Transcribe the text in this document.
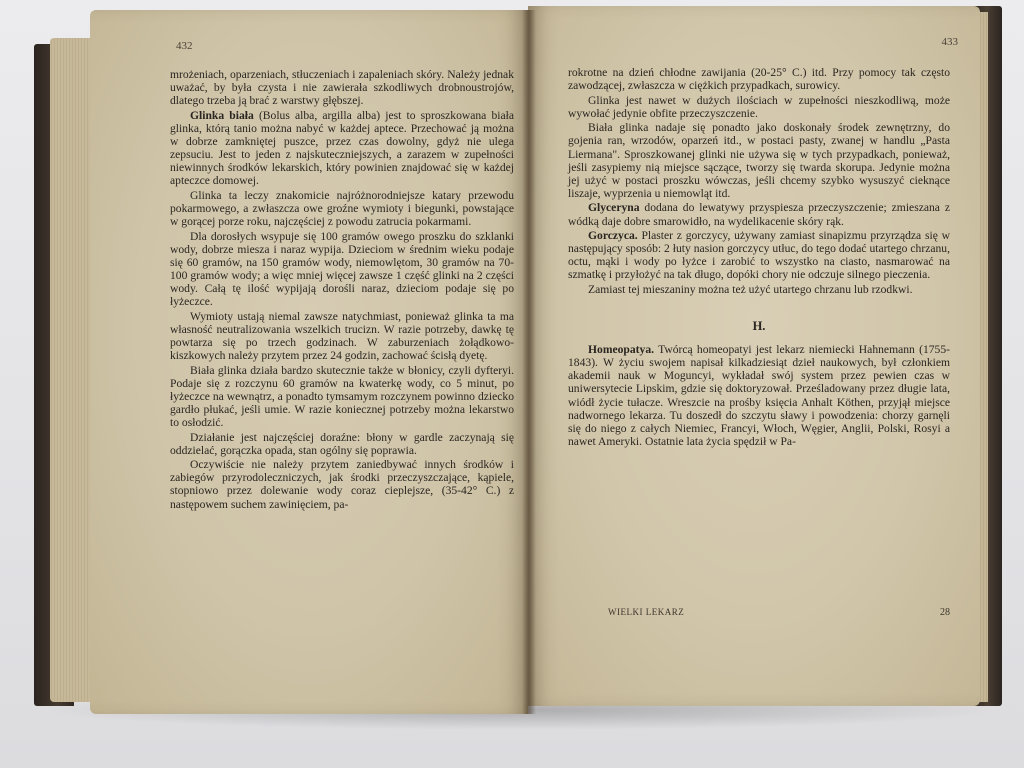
432

mrożeniach, oparzeniach, stłuczeniach i zapaleniach skóry. Należy jednak uważać, by była czysta i nie zawierała szkodliwych drobnoustrojów, dlatego trzeba ją brać z warstwy głębszej.

Glinka biała (Bolus alba, argilla alba) jest to sproszkowana biała glinka, którą tanio można nabyć w każdej aptece. Przechować ją można w dobrze zamkniętej puszce, przez czas dowolny, gdyż nie ulega zepsuciu. Jest to jeden z najskuteczniejszych, a zarazem w zupełności niewinnych środków lekarskich, który powinien znajdować się w każdej apteczce domowej.

Glinka ta leczy znakomicie najróżnorodniejsze katary przewodu pokarmowego, a zwłaszcza owe groźne wymioty i biegunki, powstające w gorącej porze roku, najczęściej z powodu zatrucia pokarmami.

Dla dorosłych wsypuje się 100 gramów owego proszku do szklanki wody, dobrze miesza i naraz wypija. Dzieciom w średnim wieku podaje się 60 gramów, na 150 gramów wody, niemowlętom, 30 gramów na 70-100 gramów wody; a więc mniej więcej zawsze 1 część glinki na 2 części wody. Całą tę ilość wypijają dorośli naraz, dzieciom podaje się po łyżeczce.

Wymioty ustają niemal zawsze natychmiast, ponieważ glinka ta ma własność neutralizowania wszelkich trucizn. W razie potrzeby, dawkę tę powtarza się po trzech godzinach. W zaburzeniach żołądkowo-kiszkowych należy przytem przez 24 godzin, zachować ścisłą dyetę.

Biała glinka działa bardzo skutecznie także w błonicy, czyli dyfteryi. Podaje się z rozczynu 60 gramów na kwaterkę wody, co 5 minut, po łyżeczce na wewnątrz, a ponadto tymsamym rozczynem powinno dziecko gardło płukać, jeśli umie. W razie koniecznej potrzeby można lekarstwo to osłodzić.

Działanie jest najczęściej doraźne: błony w gardle zaczynają się oddzielać, gorączka opada, stan ogólny się poprawia.

Oczywiście nie należy przytem zaniedbywać innych środków i zabiegów przyrodoleczniczych, jak środki przeczyszczające, kąpiele, stopniowo przez dolewanie wody coraz cieplejsze, (35-42° C.) z następowem suchem zawinięciem, pa-

433

rokrotne na dzień chłodne zawijania (20-25° C.) itd. Przy pomocy tak często zawodzącej, zwłaszcza w ciężkich przypadkach, surowicy.

Glinka jest nawet w dużych ilościach w zupełności nieszkodliwą, może wywołać jedynie obfite przeczyszczenie.

Biała glinka nadaje się ponadto jako doskonały środek zewnętrzny, do gojenia ran, wrzodów, oparzeń itd., w postaci pasty, zwanej w handlu „Pasta Liermana". Sproszkowanej glinki nie używa się w tych przypadkach, ponieważ, jeśli zasypiemy nią miejsce sączące, tworzy się twarda skorupa. Jedynie można jej użyć w postaci proszku wówczas, jeśli chcemy szybko wysuszyć cieknące liszaje, wyprzenia u niemowląt itd.

Glyceryna dodana do lewatywy przyspiesza przeczyszczenie; zmieszana z wódką daje dobre smarowidło, na wydelikacenie skóry rąk.

Gorczyca. Plaster z gorczycy, używany zamiast sinapizmu przyrządza się w następujący sposób: 2 łuty nasion gorczycy utłuc, do tego dodać utartego chrzanu, octu, mąki i wody po łyżce i zarobić to wszystko na ciasto, nasmarować na szmatkę i przyłożyć na tak długo, dopóki chory nie odczuje silnego pieczenia.

Zamiast tej mieszaniny można też użyć utartego chrzanu lub rzodkwi.

H.

Homeopatya. Twórcą homeopatyi jest lekarz niemiecki Hahnemann (1755-1843). W życiu swojem napisał kilkadziesiąt dzieł naukowych, był członkiem akademii nauk w Moguncyi, wykładał swój system przez pewien czas w uniwersytecie Lipskim, gdzie się doktoryzował. Prześladowany przez długie lata, wiódł życie tułacze. Wreszcie na prośby księcia Anhalt Köthen, przyjął miejsce nadwornego lekarza. Tu doszedł do szczytu sławy i powodzenia: chorzy garnęli się do niego z całych Niemiec, Francyi, Włoch, Węgier, Anglii, Polski, Rosyi a nawet Ameryki. Ostatnie lata życia spędził w Pa-

WIELKI LEKARZ	28
